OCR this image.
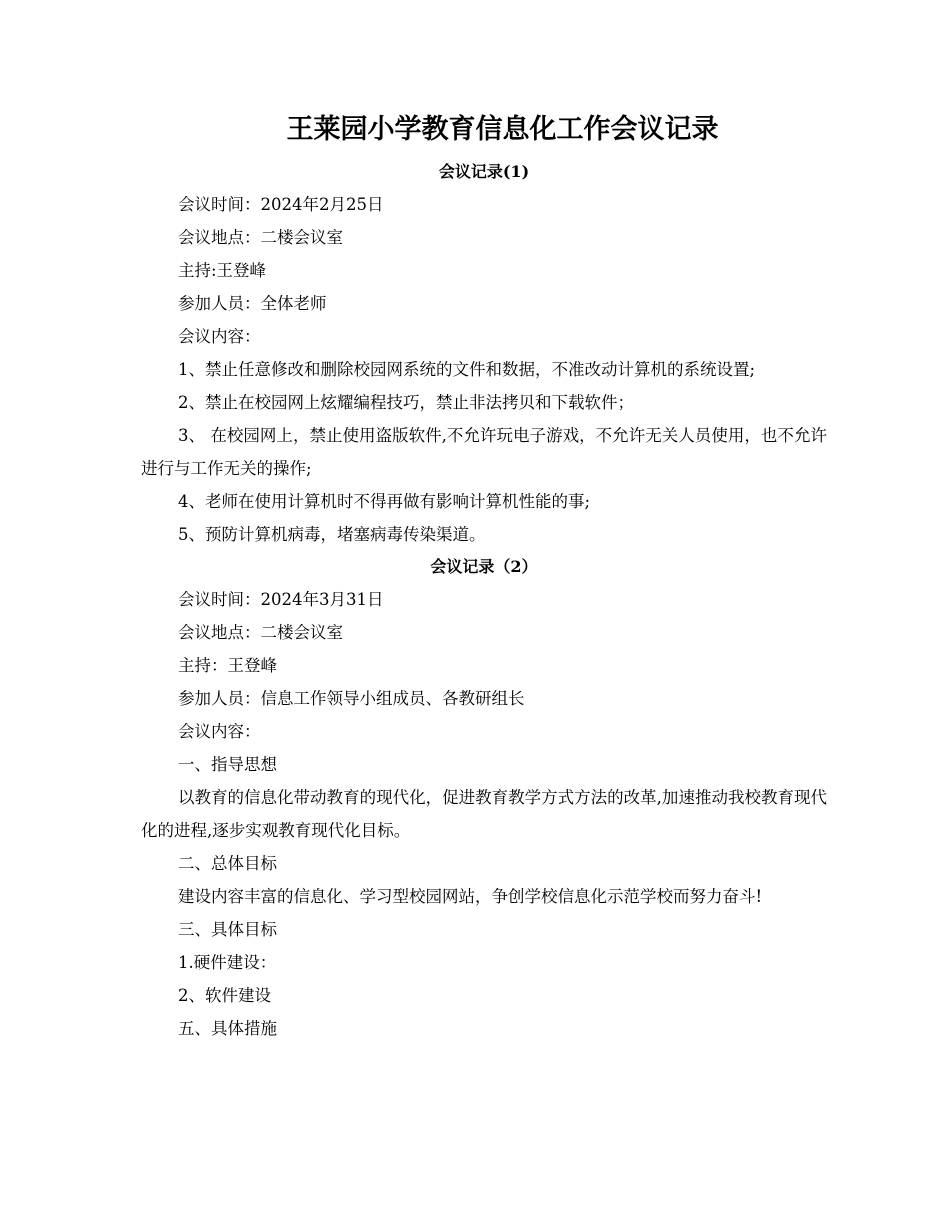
王莱园小学教育信息化工作会议记录
会议记录(1)

会议时间：2024年2月25日

会议地点：二楼会议室

主持:王登峰

参加人员：全体老师

会议内容：

1、禁止任意修改和删除校园网系统的文件和数据，不准改动计算机的系统设置;

2、禁止在校园网上炫耀编程技巧，禁止非法拷贝和下载软件；

3、 在校园网上，禁止使用盗版软件,不允许玩电子游戏，不允许无关人员使用，也不允许进行与工作无关的操作;

4、老师在使用计算机时不得再做有影响计算机性能的事;

5、预防计算机病毒，堵塞病毒传染渠道。

会议记录（2）

会议时间：2024年3月31日

会议地点：二楼会议室

主持：王登峰

参加人员：信息工作领导小组成员、各教研组长

会议内容：

一、指导思想

以教育的信息化带动教育的现代化，促进教育教学方式方法的改革,加速推动我校教育现代化的进程,逐步实观教育现代化目标。

二、总体目标

建设内容丰富的信息化、学习型校园网站，争创学校信息化示范学校而努力奋斗!

三、具体目标

1.硬件建设：

2、软件建设

五、具体措施
